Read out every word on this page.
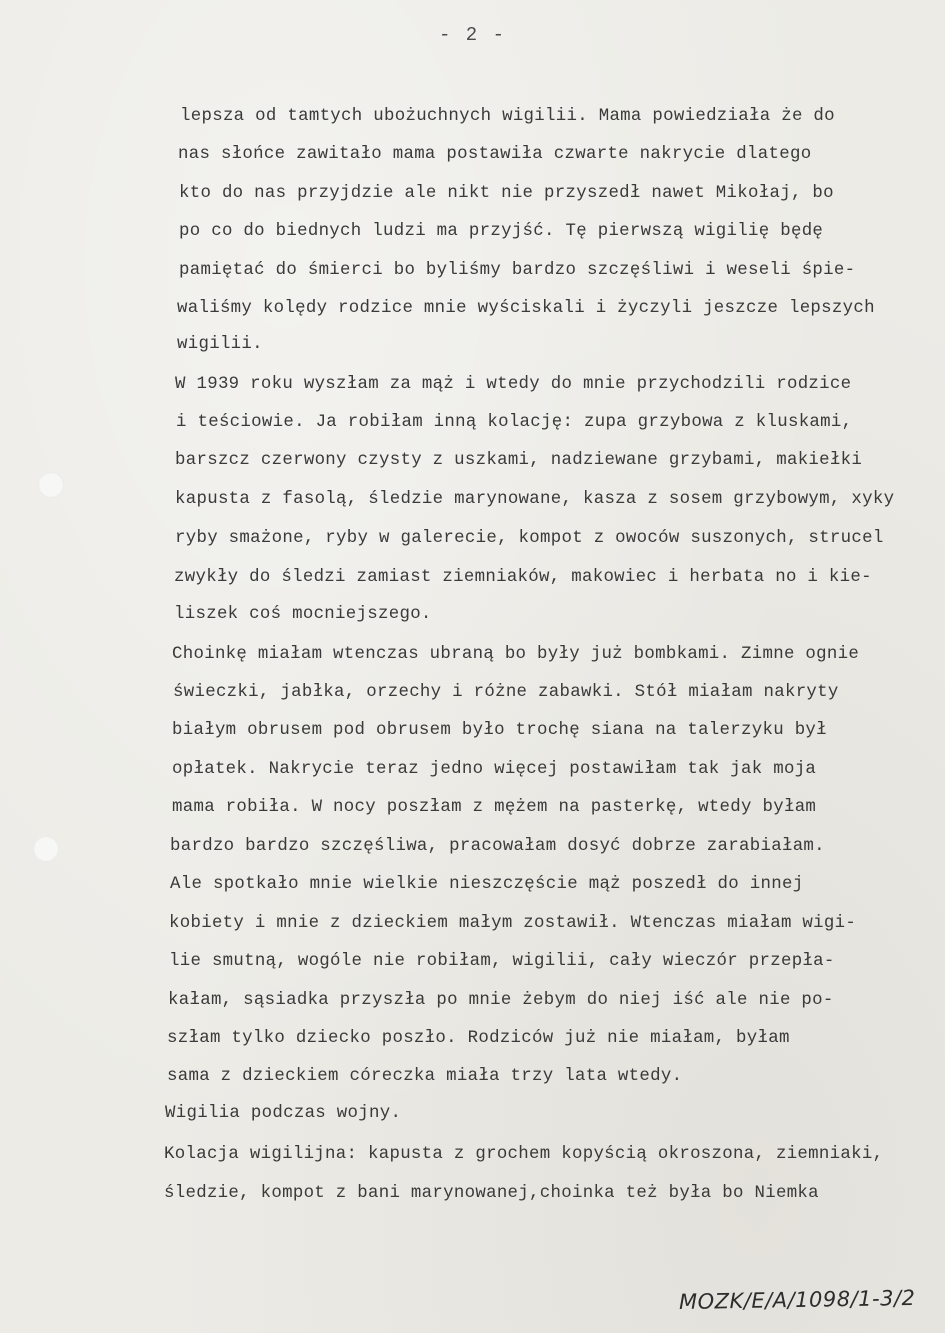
- 2 -
lepsza od tamtych ubożuchnych wigilii. Mama powiedziała że do
nas słońce zawitało mama postawiła czwarte nakrycie dlatego
kto do nas przyjdzie ale nikt nie przyszedł nawet Mikołaj, bo
po co do biednych ludzi ma przyjść. Tę pierwszą wigilię będę
pamiętać do śmierci bo byliśmy bardzo szczęśliwi i weseli śpie-
waliśmy kolędy rodzice mnie wyściskali i życzyli jeszcze lepszych
wigilii.
W 1939 roku wyszłam za mąż i wtedy do mnie przychodzili rodzice
i teściowie. Ja robiłam inną kolację: zupa grzybowa z kluskami,
barszcz czerwony czysty z uszkami, nadziewane grzybami, makiełki
kapusta z fasolą, śledzie marynowane, kasza z sosem grzybowym, xyky
ryby smażone, ryby w galerecie, kompot z owoców suszonych, strucel
zwykły do śledzi zamiast ziemniaków, makowiec i herbata no i kie-
liszek coś mocniejszego.
Choinkę miałam wtenczas ubraną bo były już bombkami. Zimne ognie
świeczki, jabłka, orzechy i różne zabawki. Stół miałam nakryty
białym obrusem pod obrusem było trochę siana na talerzyku był
opłatek. Nakrycie teraz jedno więcej postawiłam tak jak moja
mama robiła. W nocy poszłam z mężem na pasterkę, wtedy byłam
bardzo bardzo szczęśliwa, pracowałam dosyć dobrze zarabiałam.
Ale spotkało mnie wielkie nieszczęście mąż poszedł do innej
kobiety i mnie z dzieckiem małym zostawił. Wtenczas miałam wigi-
lie smutną, wogóle nie robiłam, wigilii, cały wieczór przepła-
kałam, sąsiadka przyszła po mnie żebym do niej iść ale nie po-
szłam tylko dziecko poszło. Rodziców już nie miałam, byłam
sama z dzieckiem córeczka miała trzy lata wtedy.
Wigilia podczas wojny.
Kolacja wigilijna: kapusta z grochem kopyścią okroszona, ziemniaki,
śledzie, kompot z bani marynowanej,choinka też była bo Niemka
MOZK/E/A/1098/1-3/2
